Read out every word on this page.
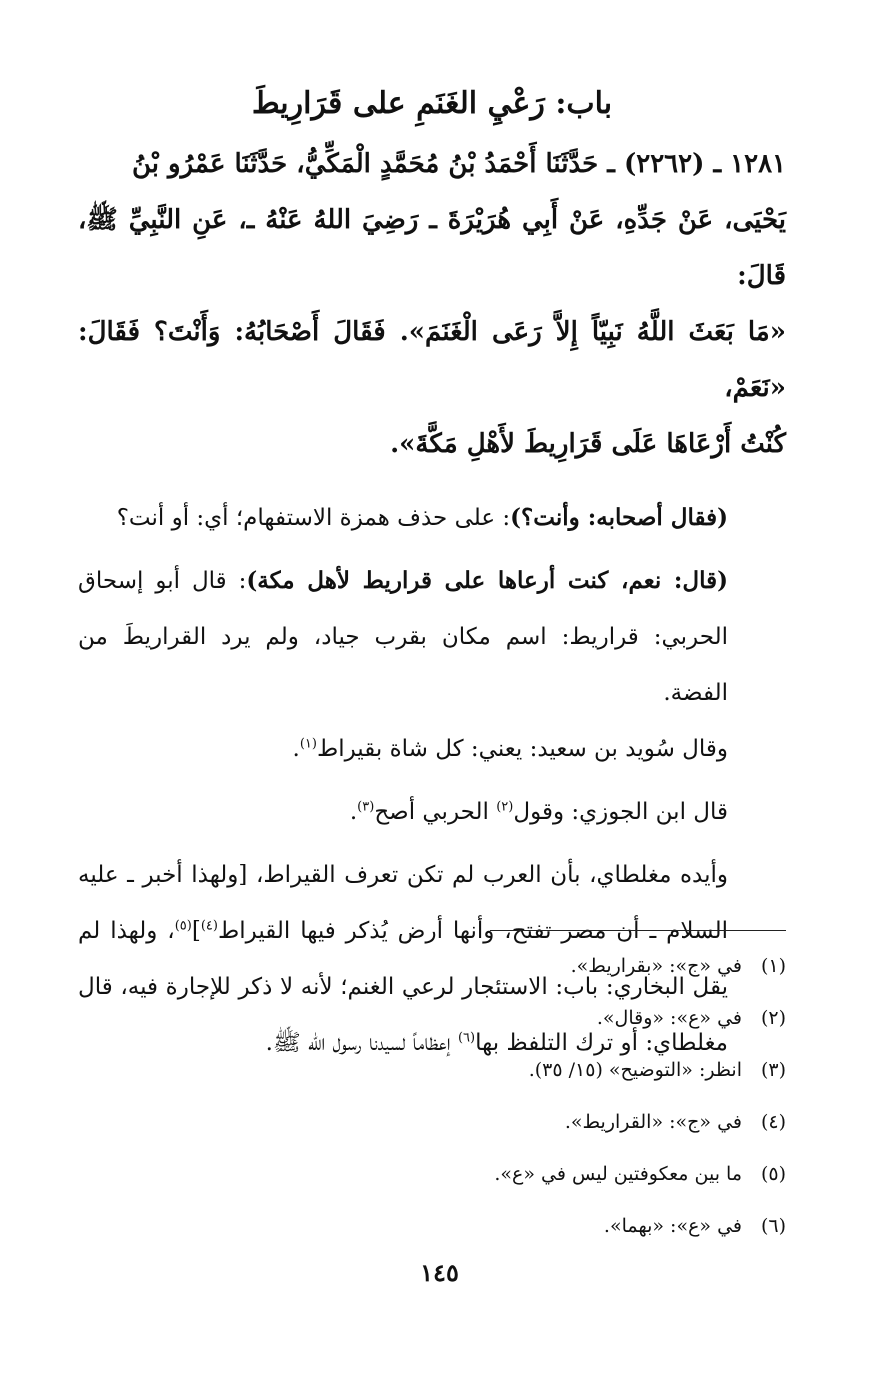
باب: رَعْيِ الغَنَمِ على قَرَارِيطَ

١٢٨١ ـ (٢٢٦٢) ـ حَدَّثَنَا أَحْمَدُ بْنُ مُحَمَّدٍ الْمَكِّيُّ، حَدَّثَنَا عَمْرُو بْنُ

يَحْيَى، عَنْ جَدِّهِ، عَنْ أَبِي هُرَيْرَةَ ـ رَضِيَ اللهُ عَنْهُ ـ، عَنِ النَّبِيِّ ﷺ، قَالَ:

«مَا بَعَثَ اللَّهُ نَبِيّاً إِلاَّ رَعَى الْغَنَمَ». فَقَالَ أَصْحَابُهُ: وَأَنْتَ؟ فَقَالَ: «نَعَمْ،

كُنْتُ أَرْعَاهَا عَلَى قَرَارِيطَ لأَهْلِ مَكَّةَ».

(فقال أصحابه: وأنت؟): على حذف همزة الاستفهام؛ أي: أو أنت؟

(قال: نعم، كنت أرعاها على قراريط لأهل مكة): قال أبو إسحاق الحربي: قراريط: اسم مكان بقرب جياد، ولم يرد القراريطَ من الفضة.

وقال سُويد بن سعيد: يعني: كل شاة بقيراط$^{(١)}$.

قال ابن الجوزي: وقول$^{(٢)}$ الحربي أصح$^{(٣)}$.

وأيده مغلطاي، بأن العرب لم تكن تعرف القيراط، [ولهذا أخبر ـ عليه السلام ـ أن مصر تفتح، وأنها أرض يُذكر فيها القيراط$^{(٤)}$]$^{(٥)}$، ولهذا لم يقل البخاري: باب: الاستئجار لرعي الغنم؛ لأنه لا ذكر للإجارة فيه، قال مغلطاي: أو ترك التلفظ بها$^{(٦)}$ إعظاماً لسيدنا رسول الله ﷺ.

(١)
في «ج»: «بقراريط».
(٢)
في «ع»: «وقال».
(٣)
انظر: «التوضيح» (١٥/ ٣٥).
(٤)
في «ج»: «القراريط».
(٥)
ما بين معكوفتين ليس في «ع».
(٦)
في «ع»: «بهما».
١٤٥
